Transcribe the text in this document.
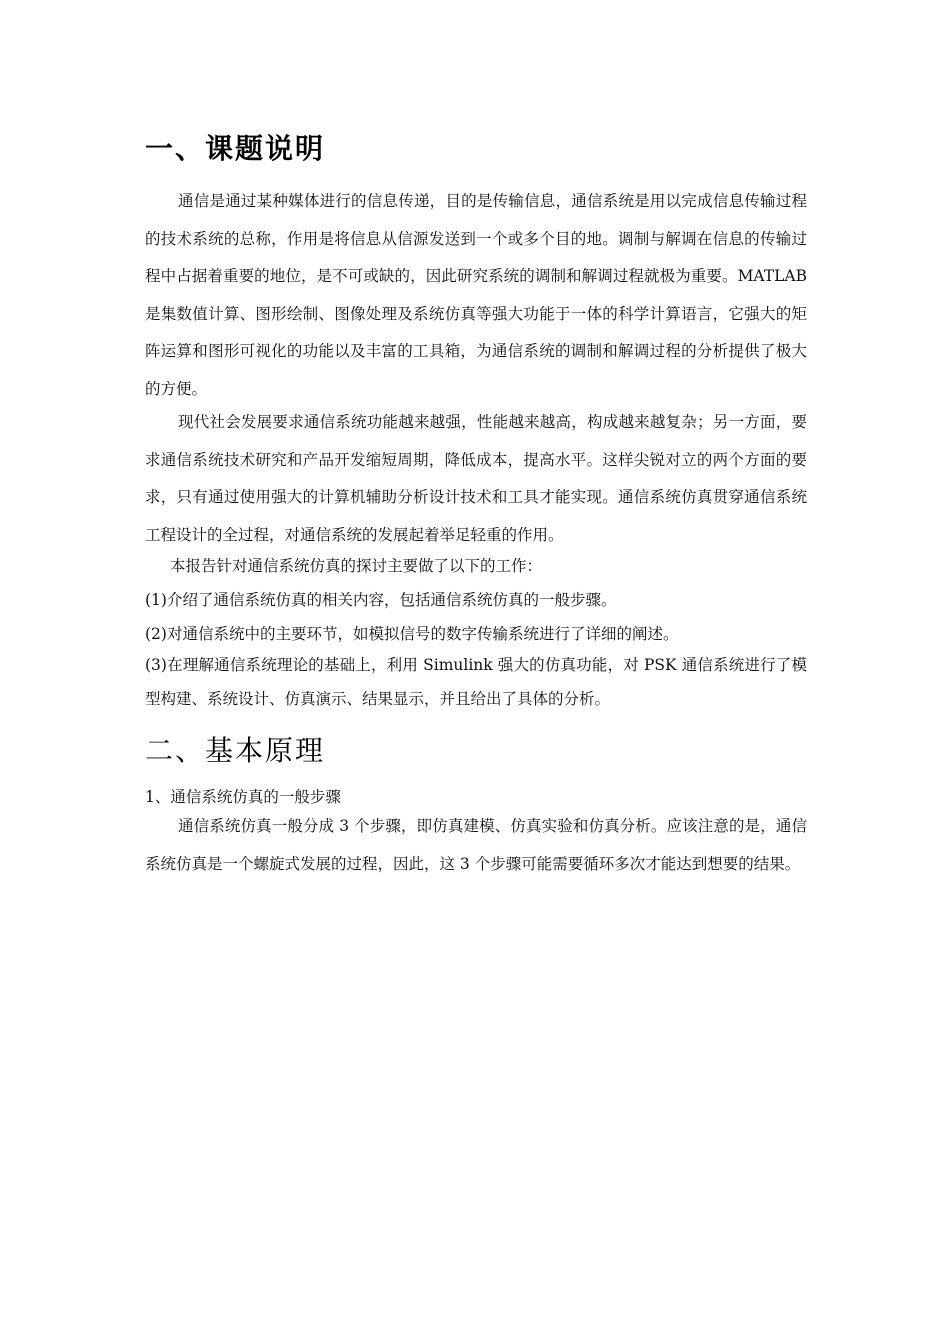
一、课题说明

通信是通过某种媒体进行的信息传递，目的是传输信息，通信系统是用以完成信息传输过程的技术系统的总称，作用是将信息从信源发送到一个或多个目的地。调制与解调在信息的传输过程中占据着重要的地位，是不可或缺的，因此研究系统的调制和解调过程就极为重要。MATLAB是集数值计算、图形绘制、图像处理及系统仿真等强大功能于一体的科学计算语言，它强大的矩阵运算和图形可视化的功能以及丰富的工具箱，为通信系统的调制和解调过程的分析提供了极大的方便。

现代社会发展要求通信系统功能越来越强，性能越来越高，构成越来越复杂；另一方面，要求通信系统技术研究和产品开发缩短周期，降低成本，提高水平。这样尖锐对立的两个方面的要求，只有通过使用强大的计算机辅助分析设计技术和工具才能实现。通信系统仿真贯穿通信系统工程设计的全过程，对通信系统的发展起着举足轻重的作用。

本报告针对通信系统仿真的探讨主要做了以下的工作：

(1)介绍了通信系统仿真的相关内容，包括通信系统仿真的一般步骤。

(2)对通信系统中的主要环节，如模拟信号的数字传输系统进行了详细的阐述。

(3)在理解通信系统理论的基础上，利用 Simulink 强大的仿真功能，对 PSK 通信系统进行了模型构建、系统设计、仿真演示、结果显示，并且给出了具体的分析。

二、基本原理

1、通信系统仿真的一般步骤

通信系统仿真一般分成 3 个步骤，即仿真建模、仿真实验和仿真分析。应该注意的是，通信系统仿真是一个螺旋式发展的过程，因此，这 3 个步骤可能需要循环多次才能达到想要的结果。
